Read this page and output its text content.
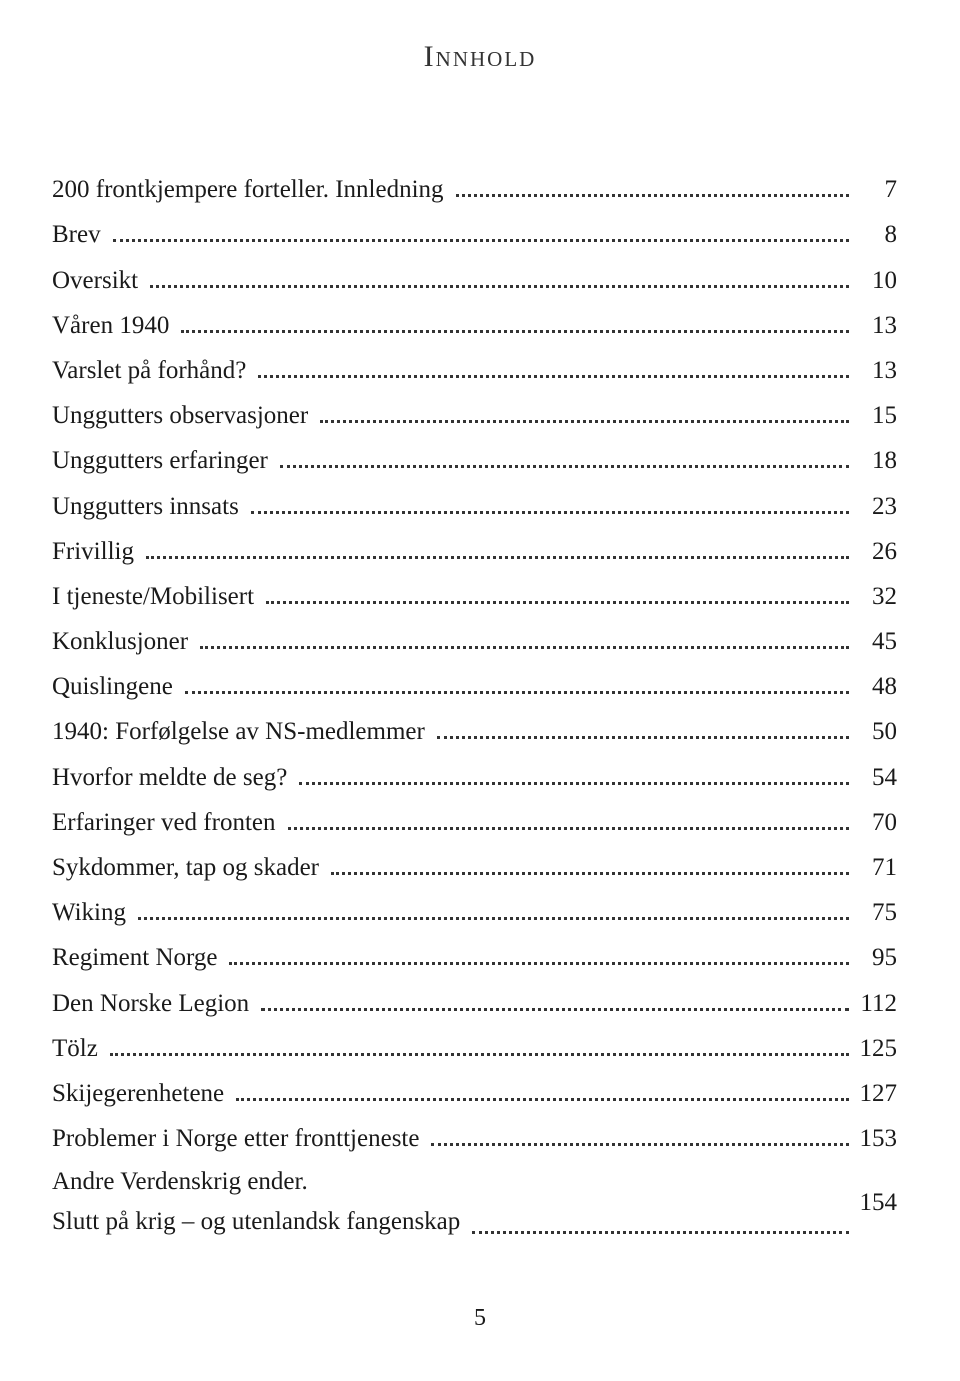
Innhold
200 frontkjempere forteller. Innledning	7
Brev	8
Oversikt	10
Våren 1940	13
Varslet på forhånd?	13
Unggutters observasjoner	15
Unggutters erfaringer	18
Unggutters innsats	23
Frivillig	26
I tjeneste/Mobilisert	32
Konklusjoner	45
Quislingene	48
1940: Forfølgelse av NS-medlemmer	50
Hvorfor meldte de seg?	54
Erfaringer ved fronten	70
Sykdommer, tap og skader	71
Wiking	75
Regiment Norge	95
Den Norske Legion	112
Tölz	125
Skijegerenhetene	127
Problemer i Norge etter fronttjeneste	153
Andre Verdenskrig ender.
Slutt på krig – og utenlandsk fangenskap
154
5
